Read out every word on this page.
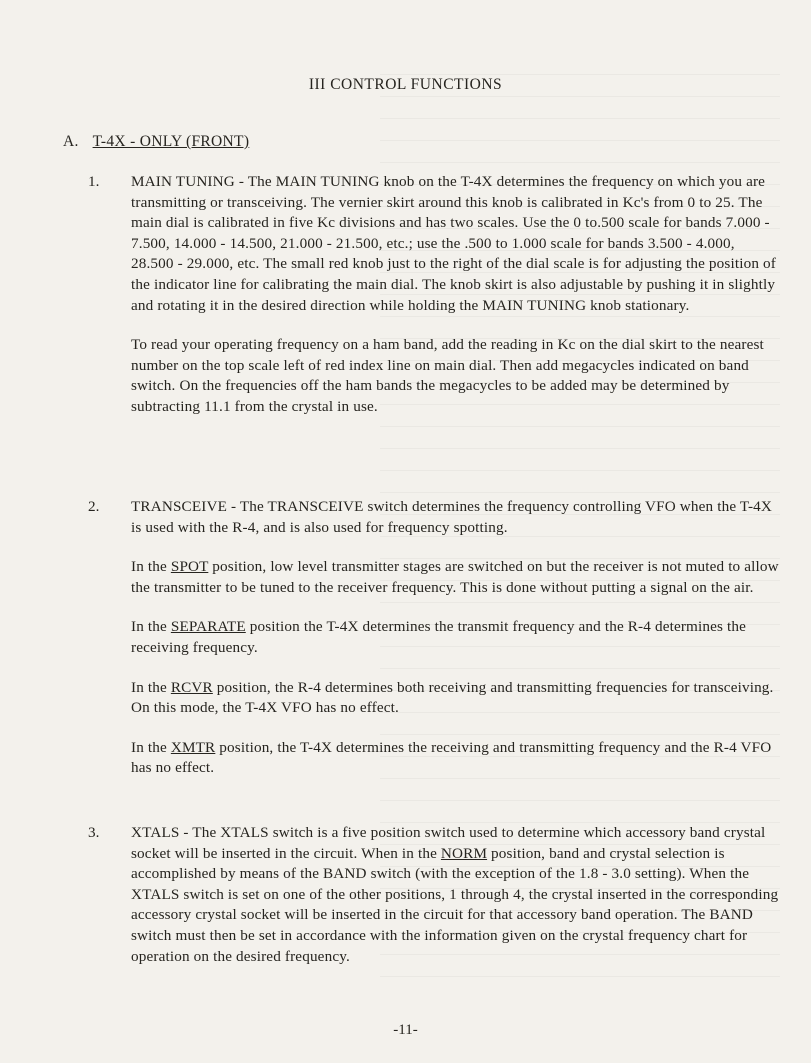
III CONTROL FUNCTIONS
A. T-4X - ONLY (FRONT)
1. MAIN TUNING - The MAIN TUNING knob on the T-4X determines the frequency on which you are transmitting or transceiving. The vernier skirt around this knob is calibrated in Kc's from 0 to 25. The main dial is calibrated in five Kc divisions and has two scales. Use the 0 to.500 scale for bands 7.000 - 7.500, 14.000 - 14.500, 21.000 - 21.500, etc.; use the .500 to 1.000 scale for bands 3.500 - 4.000, 28.500 - 29.000, etc. The small red knob just to the right of the dial scale is for adjusting the position of the indicator line for calibrating the main dial. The knob skirt is also adjustable by pushing it in slightly and rotating it in the desired direction while holding the MAIN TUNING knob stationary.

To read your operating frequency on a ham band, add the reading in Kc on the dial skirt to the nearest number on the top scale left of red index line on main dial. Then add megacycles indicated on band switch. On the frequencies off the ham bands the megacycles to be added may be determined by subtracting 11.1 from the crystal in use.

2. TRANSCEIVE - The TRANSCEIVE switch determines the frequency controlling VFO when the T-4X is used with the R-4, and is also used for frequency spotting.

In the SPOT position, low level transmitter stages are switched on but the receiver is not muted to allow the transmitter to be tuned to the receiver frequency. This is done without putting a signal on the air.

In the SEPARATE position the T-4X determines the transmit frequency and the R-4 determines the receiving frequency.

In the RCVR position, the R-4 determines both receiving and transmitting frequencies for transceiving. On this mode, the T-4X VFO has no effect.

In the XMTR position, the T-4X determines the receiving and transmitting frequency and the R-4 VFO has no effect.

3. XTALS - The XTALS switch is a five position switch used to determine which accessory band crystal socket will be inserted in the circuit. When in the NORM position, band and crystal selection is accomplished by means of the BAND switch (with the exception of the 1.8 - 3.0 setting). When the XTALS switch is set on one of the other positions, 1 through 4, the crystal inserted in the corresponding accessory crystal socket will be inserted in the circuit for that accessory band operation. The BAND switch must then be set in accordance with the information given on the crystal frequency chart for operation on the desired frequency.

-11-
